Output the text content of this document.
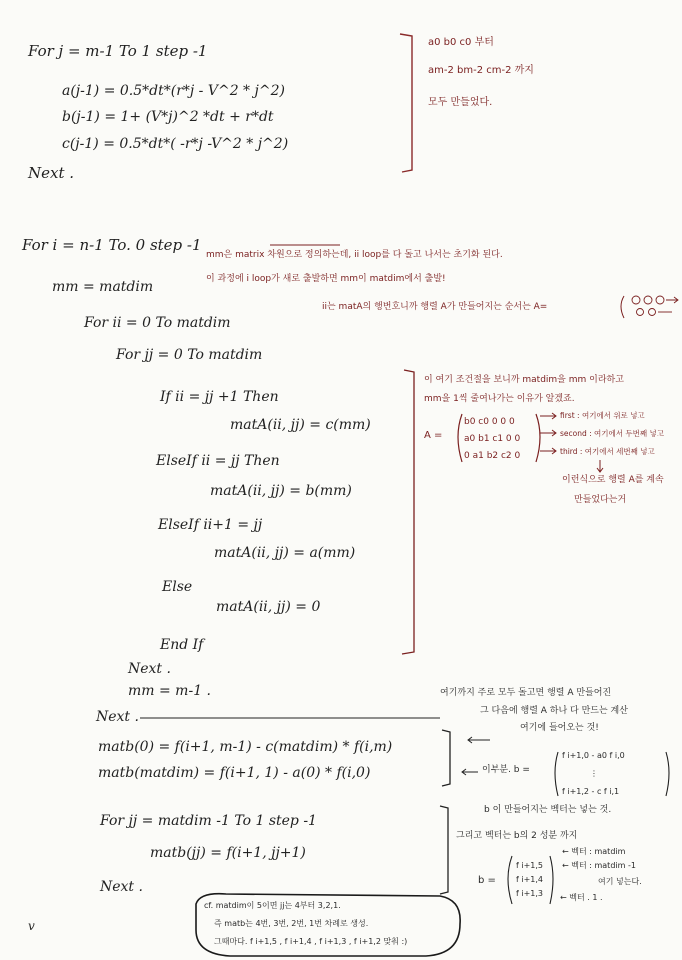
For j = m-1 To 1 step -1
a(j-1) = 0.5*dt*(r*j - V^2 * j^2)
b(j-1) = 1+ (V*j)^2 *dt + r*dt
c(j-1) = 0.5*dt*( -r*j -V^2 * j^2)
Next .
a0 b0 c0 부터
am-2 bm-2 cm-2 까지
모두 만들었다.
For i = n-1 To. 0 step -1
mm = matdim
For ii = 0 To matdim
For jj = 0 To matdim
If ii = jj +1 Then
matA(ii, jj) = c(mm)
ElseIf ii = jj Then
matA(ii, jj) = b(mm)
ElseIf ii+1 = jj
matA(ii, jj) = a(mm)
Else
matA(ii, jj) = 0
End If
Next .
mm = m-1 .
Next .
mm은 matrix 차원으로 정의하는데, ii loop를 다 돌고 나서는 초기화 된다.
이 과정에 i loop가 새로 출발하면 mm이 matdim에서 출발!
ii는 matA의 행번호니까 행렬 A가 만들어지는 순서는 A=
이 여기 조건절을 보니까 matdim을 mm 이라하고
mm을 1씩 줄여나가는 이유가 알겠죠.
A =
b0 c0 0 0 0
a0 b1 c1 0 0
0 a1 b2 c2 0
first : 여기에서 위로 넣고
second : 여기에서 두번째 넣고
third : 여기에서 세번째 넣고
이런식으로 행렬 A를 계속
만들었다는거
matb(0) = f(i+1, m-1) - c(matdim) * f(i,m)
matb(matdim) = f(i+1, 1) - a(0) * f(i,0)
For jj = matdim -1 To 1 step -1
matb(jj) = f(i+1, jj+1)
Next .
여기까지 주로 모두 돌고면 행렬 A 만들어진
그 다음에 행렬 A 하나 다 만드는 계산
여기에 들어오는 것!
이부분. b =
f i+1,0 - a0 f i,0
⋮
f i+1,2 - c f i,1
b 이 만들어지는 벡터는 넣는 것.
그리고 벡터는 b의 2 성분 까지
b =
f i+1,5
f i+1,4
f i+1,3
← 벡터 : matdim
← 벡터 : matdim -1
여기 넣는다.
← 벡터 . 1 .
cf. matdim이 5이면 jj는 4부터 3,2,1.
즉 matb는 4번, 3번, 2번, 1번 차례로 생성.
그때마다. f i+1,5 , f i+1,4 , f i+1,3 , f i+1,2 맞춰 :)
v
